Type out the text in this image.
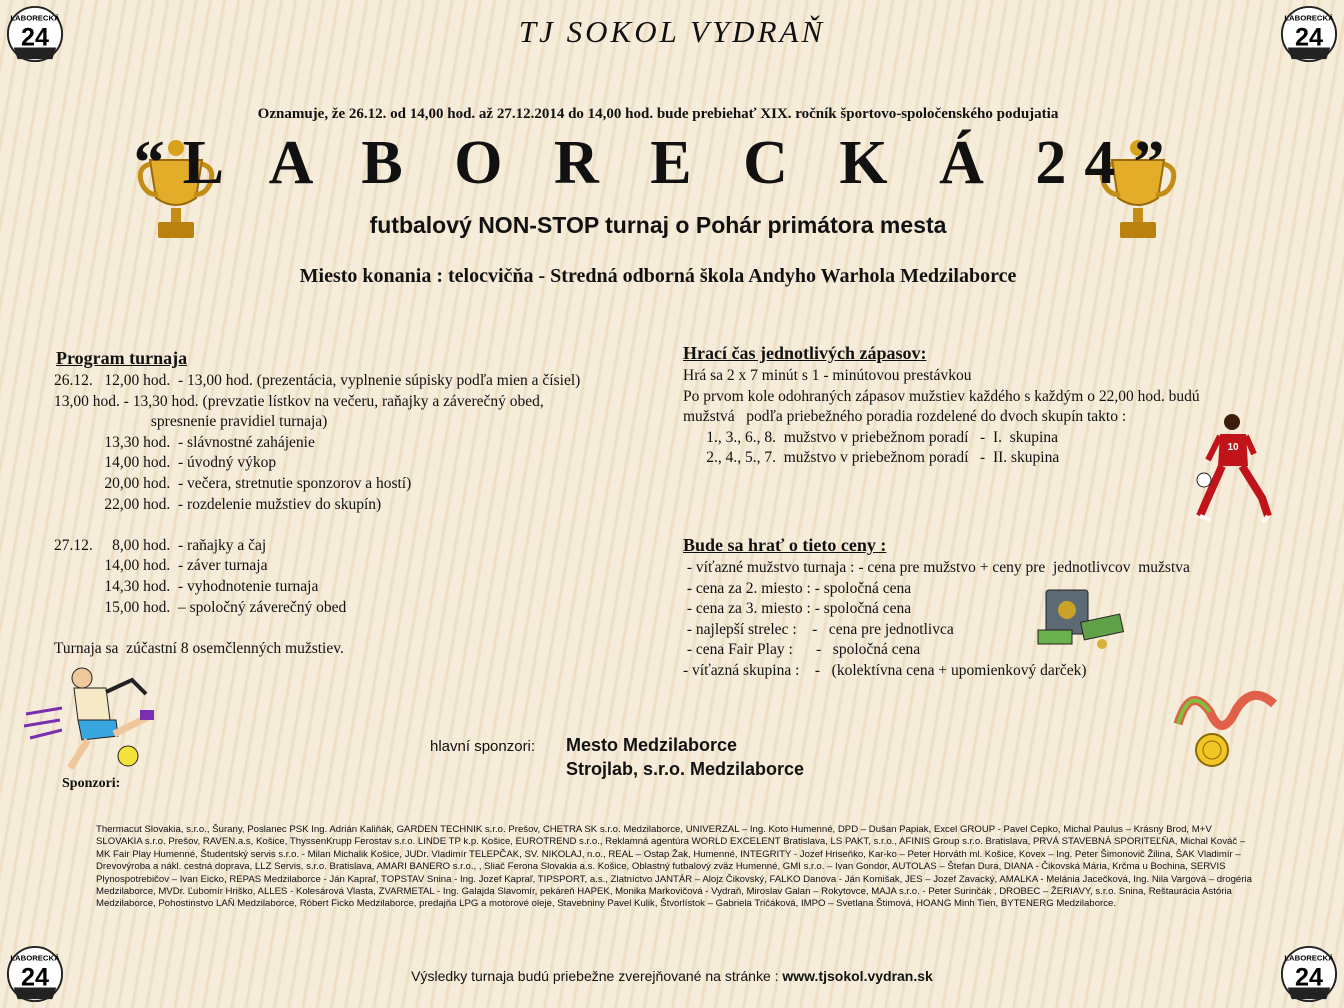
LABORECKÁ
24
LABORECKÁ
24
LABORECKÁ
24
LABORECKÁ
24
TJ SOKOL VYDRAŇ
Oznamuje, že 26.12. od 14,00 hod. až 27.12.2014 do 14,00 hod. bude prebiehať XIX. ročník športovo-spoločenského podujatia
“L A B O R E C K Á 24”
futbalový NON-STOP turnaj o Pohár primátora mesta
Miesto konania : telocvičňa - Stredná odborná škola Andyho Warhola Medzilaborce
Program turnaja
26.12.   12,00 hod.  - 13,00 hod. (prezentácia, vyplnenie súpisky podľa mien a čísiel)
13,00 hod. - 13,30 hod. (prevzatie lístkov na večeru, raňajky a záverečný obed,
spresnenie pravidiel turnaja)
13,30 hod.  - slávnostné zahájenie
14,00 hod.  - úvodný výkop
20,00 hod.  - večera, stretnutie sponzorov a hostí)
22,00 hod.  - rozdelenie mužstiev do skupín)

27.12.     8,00 hod.  - raňajky a čaj
14,00 hod.  - záver turnaja
14,30 hod.  - vyhodnotenie turnaja
15,00 hod.  – spoločný záverečný obed

Turnaja sa  zúčastní 8 osemčlenných mužstiev.
Hrací čas jednotlivých zápasov:
Hrá sa 2 x 7 minút s 1 - minútovou prestávkou
Po prvom kole odohraných zápasov mužstiev každého s každým o 22,00 hod. budú
mužstvá   podľa priebežného poradia rozdelené do dvoch skupín takto :
1., 3., 6., 8.  mužstvo v priebežnom poradí   -  I.  skupina
2., 4., 5., 7.  mužstvo v priebežnom poradí   -  II. skupina
10
Bude sa hrať o tieto ceny :
- víťazné mužstvo turnaja : - cena pre mužstvo + ceny pre  jednotlivcov  mužstva
- cena za 2. miesto : - spoločná cena
- cena za 3. miesto : - spoločná cena
- najlepší strelec :    -   cena pre jednotlivca
- cena Fair Play :      -   spoločná cena
- víťazná skupina :    -   (kolektívna cena + upomienkový darček)
hlavní sponzori: Mesto Medzilaborce
Strojlab, s.r.o. Medzilaborce
Sponzori:
Thermacut Slovakia, s.r.o., Šurany, Poslanec PSK Ing. Adrián Kaliňák, GARDEN TECHNIK s.r.o. Prešov, CHETRA SK s.r.o. Medzilaborce, UNIVERZAL – Ing. Koto Humenné, DPD – Dušan Papiak, Excel GROUP - Pavel Cepko, Michal Paulus – Krásny Brod, M+V SLOVAKIA s.r.o. Prešov, RAVEN.a.s, Košice, ThyssenKrupp Ferostav s.r.o. LINDE TP k.p. Košice, EUROTREND s.r.o., Reklamná agentúra WORLD EXCELENT Bratislava, LS PAKT, s.r.o., AFINIS Group s.r.o. Bratislava, PRVÁ STAVEBNÁ SPORITEĽŇA, Michal Kováč – MK Fair Play Humenné, Študentský servis s.r.o. - Milan Michalik Košice, JUDr. Vladimír TELEPČAK, SV. NIKOLAJ, n.o., REAL – Ostap Žak, Humenné, INTEGRITY - Jozef Hriseňko, Kar-ko – Peter Horváth ml. Košice, Kovex – Ing. Peter Šimonovič Žilina, ŠAK Vladimír – Drevovýroba a nákl. cestná doprava, LLZ Servis, s.r.o. Bratislava, AMARI BANERO s.r.o., , Sliač Ferona Slovakia a.s. Košice, Oblastný futbalový zväz Humenné, GMI s.r.o. – Ivan Gondor, AUTOLAS – Štefan Dura, DIANA - Čikovská Mária, Krčma u Bochina, SERVIS Plynospotrebičov – Ivan Eicko, REPAS Medzilaborce - Ján Kapraľ, TOPSTAV Snina - Ing. Jozef Kapraľ, TIPSPORT, a.s., Zlatníctvo JANTÁR – Alojz Čikovský, FALKO Danova - Ján Komišak, JES – Jozef Zavacký, AMALKA - Melánia Jacečková, Ing. Nila Vargová – drogéria Medzilaborce, MVDr. Ľubomír Hriško, ALLES - Kolesárová Vlasta, ZVARMETAL - Ing. Galajda Slavomír, pekáreň HAPEK, Monika Markovičová - Vydraň, Miroslav Galan – Rokytovce, MAJA s.r.o. - Peter Surinčák , DROBEC – ŽERIAVY, s.r.o. Snina, Reštaurácia Astória Medzilaborce, Pohostinstvo LAŇ Medzilaborce, Róbert Ficko Medzilaborce, predajňa LPG a motorové oleje, Stavebniny Pavel Kulik, Štvorlístok – Gabriela Tričáková, IMPO – Svetlana Štimová, HOANG Minh Tien, BYTENERG Medzilaborce.
Výsledky turnaja budú priebežne zverejňované na stránke : www.tjsokol.vydran.sk
